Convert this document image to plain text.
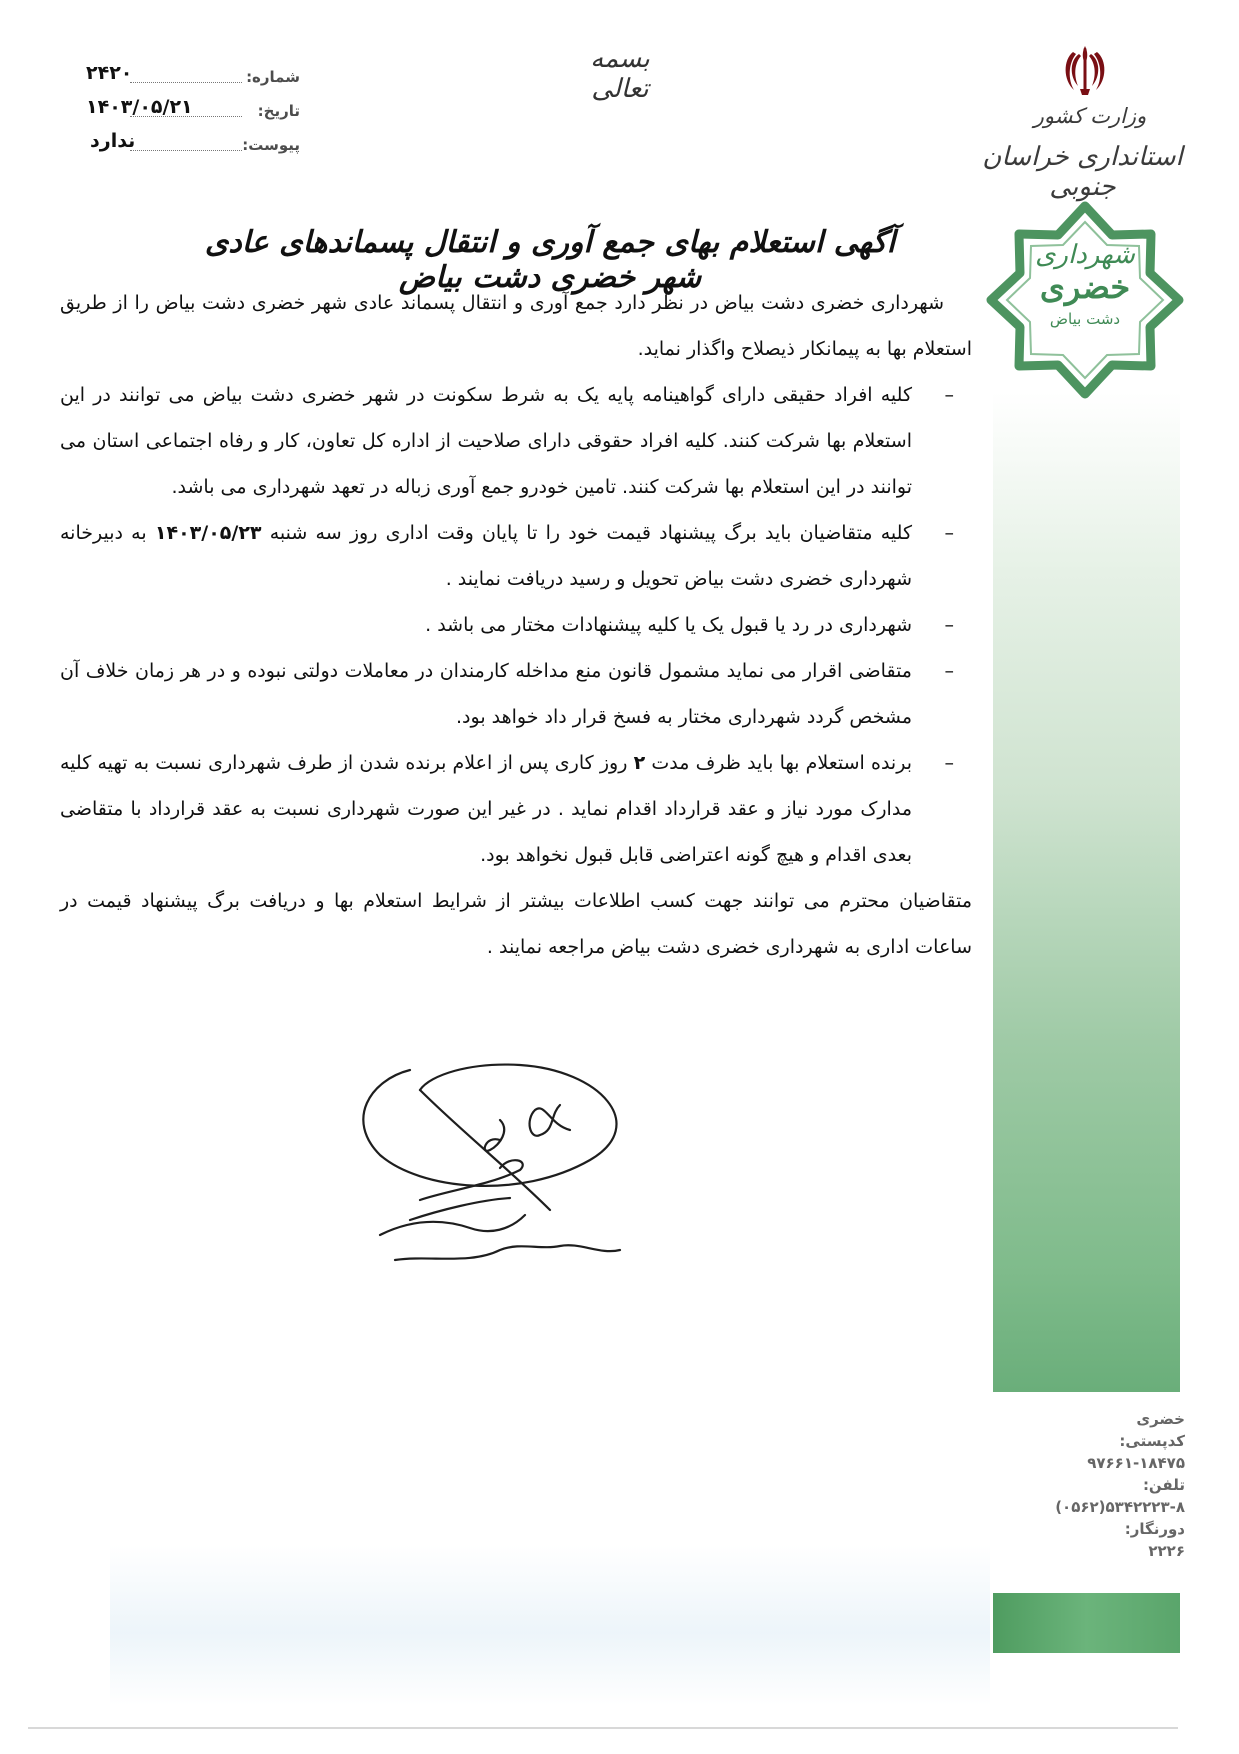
وزارت کشور
استانداری خراسان جنوبی
شهرداری
خضری
دشت بیاض
بسمه تعالی
شماره:
۲۴۲۰
تاریخ:
۱۴۰۳/۰۵/۲۱
پیوست:
ندارد
آگهی استعلام بهای جمع آوری و انتقال پسماندهای عادی شهر خضری دشت بیاض

شهرداری خضری دشت بیاض در نظر دارد جمع آوری و انتقال پسماند عادی شهر خضری دشت بیاض را از طریق استعلام بها به پیمانکار ذیصلاح واگذار نماید.

–
کلیه افراد حقیقی دارای گواهینامه پایه یک به شرط سکونت در شهر خضری دشت بیاض می توانند در این استعلام بها شرکت کنند. کلیه افراد حقوقی دارای صلاحیت از اداره کل تعاون، کار و رفاه اجتماعی استان می توانند در این استعلام بها شرکت کنند. تامین خودرو جمع آوری زباله در تعهد شهرداری می باشد.

–
کلیه متقاضیان باید برگ پیشنهاد قیمت خود را تا پایان وقت اداری روز سه شنبه ۱۴۰۳/۰۵/۲۳ به دبیرخانه شهرداری خضری دشت بیاض تحویل و رسید دریافت نمایند .

–
شهرداری در رد یا قبول یک یا کلیه پیشنهادات مختار می باشد .

–
متقاضی اقرار می نماید مشمول قانون منع مداخله کارمندان در معاملات دولتی نبوده و در هر زمان خلاف آن مشخص گردد شهرداری مختار به فسخ قرار داد خواهد بود.

–
برنده استعلام بها باید ظرف مدت ۲ روز کاری پس از اعلام برنده شدن از طرف شهرداری نسبت به تهیه کلیه مدارک مورد نیاز و عقد قرارداد اقدام نماید . در غیر این صورت شهرداری نسبت به عقد قرارداد با متقاضی بعدی اقدام و هیچ گونه اعتراضی قابل قبول نخواهد بود.

متقاضیان محترم می توانند جهت کسب اطلاعات بیشتر از شرایط استعلام بها و دریافت برگ پیشنهاد قیمت در ساعات اداری به شهرداری خضری دشت بیاض مراجعه نمایند .

خضری
کدپستی:
۹۷۶۶۱-۱۸۴۷۵
تلفن:
(۰۵۶۲)۵۳۴۲۲۲۳-۸
دورنگار:
۲۲۲۶
